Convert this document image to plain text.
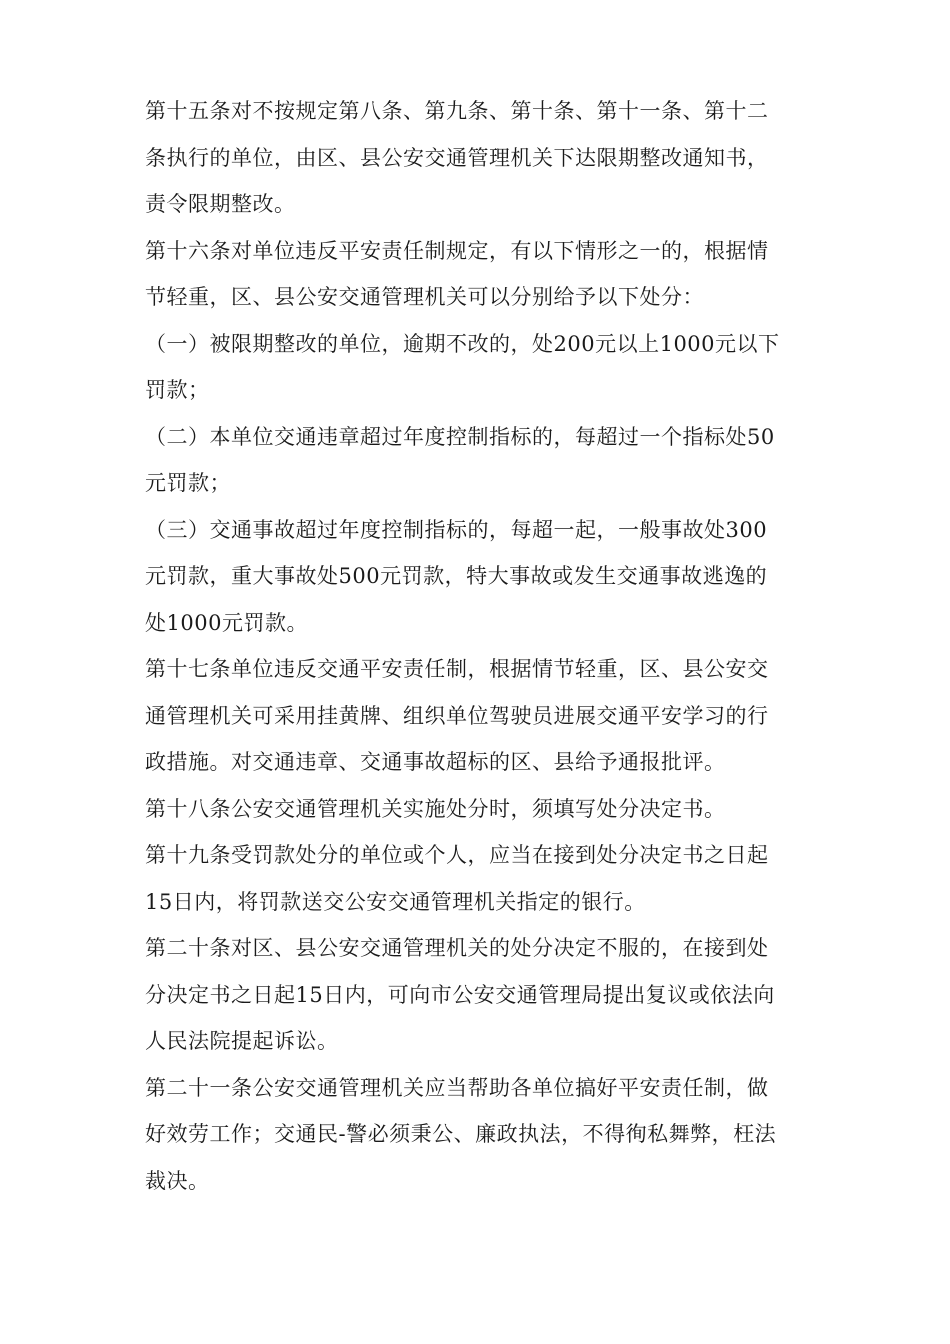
第十五条对不按规定第八条、第九条、第十条、第十一条、第十二
条执行的单位，由区、县公安交通管理机关下达限期整改通知书，
责令限期整改。

第十六条对单位违反平安责任制规定，有以下情形之一的，根据情
节轻重，区、县公安交通管理机关可以分别给予以下处分：

（一）被限期整改的单位，逾期不改的，处200元以上1000元以下
罚款；

（二）本单位交通违章超过年度控制指标的，每超过一个指标处50
元罚款；

（三）交通事故超过年度控制指标的，每超一起，一般事故处300
元罚款，重大事故处500元罚款，特大事故或发生交通事故逃逸的
处1000元罚款。

第十七条单位违反交通平安责任制，根据情节轻重，区、县公安交
通管理机关可采用挂黄牌、组织单位驾驶员进展交通平安学习的行
政措施。对交通违章、交通事故超标的区、县给予通报批评。

第十八条公安交通管理机关实施处分时，须填写处分决定书。

第十九条受罚款处分的单位或个人，应当在接到处分决定书之日起
15日内，将罚款送交公安交通管理机关指定的银行。

第二十条对区、县公安交通管理机关的处分决定不服的，在接到处
分决定书之日起15日内，可向市公安交通管理局提出复议或依法向
人民法院提起诉讼。

第二十一条公安交通管理机关应当帮助各单位搞好平安责任制，做
好效劳工作；交通民-警必须秉公、廉政执法，不得徇私舞弊，枉法
裁决。
